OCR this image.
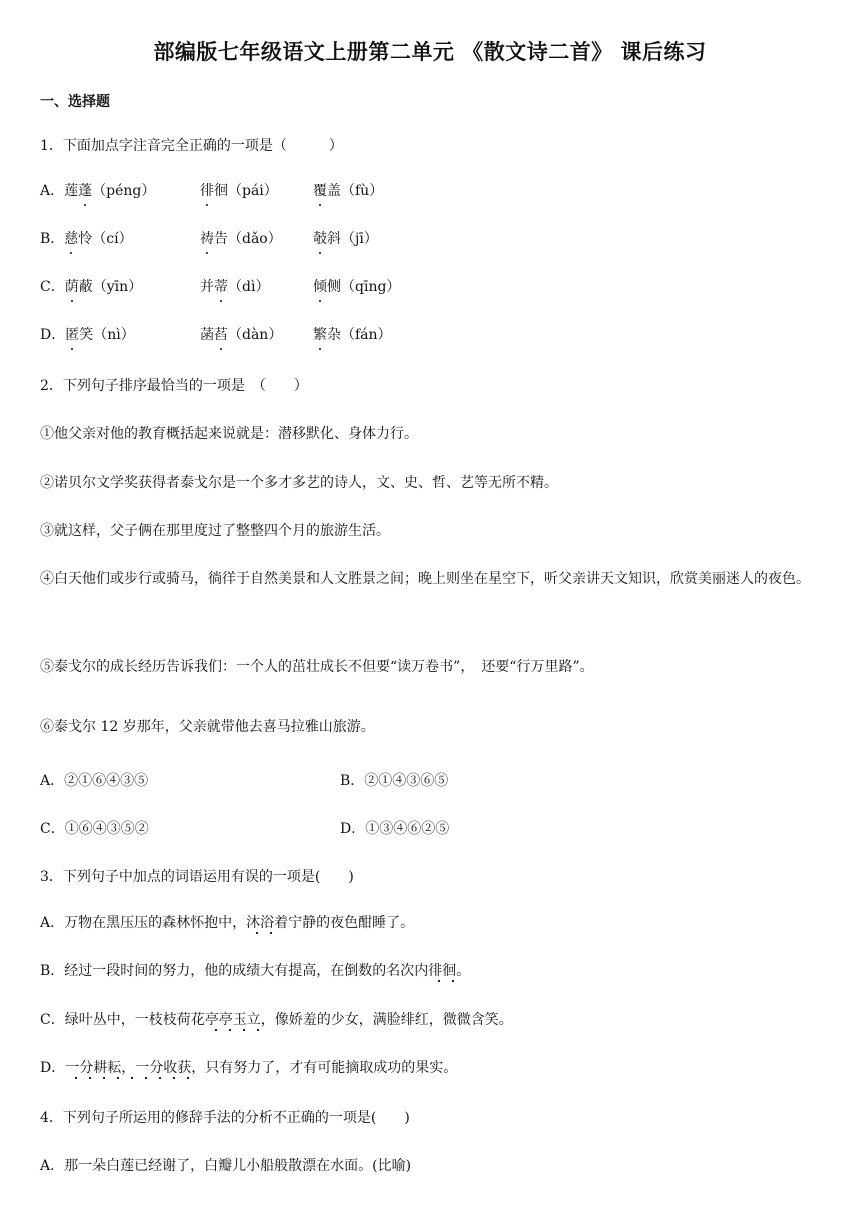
部编版七年级语文上册第二单元 《散文诗二首》 课后练习
一、选择题
1．下面加点字注音完全正确的一项是（　　　）
A．莲蓬（péng）	徘徊（pái）	覆盖（fù）
B．慈怜（cí）	祷告（dǎo） 攲斜（jī）
C．荫蔽（yīn）	并蒂（dì）	倾侧（qīng）
D．匿笑（nì）	菡萏（dàn） 繁杂（fán）
2．下列句子排序最恰当的一项是　（　　）
①他父亲对他的教育概括起来说就是：潜移默化、身体力行。
②诺贝尔文学奖获得者泰戈尔是一个多才多艺的诗人，文、史、哲、艺等无所不精。
③就这样，父子俩在那里度过了整整四个月的旅游生活。
④白天他们或步行或骑马，徜徉于自然美景和人文胜景之间；晚上则坐在星空下，听父亲讲天文知识，欣赏美丽迷人的夜色。
⑤泰戈尔的成长经历告诉我们：一个人的茁壮成长不但要“读万卷书”，　还要“行万里路”。
⑥泰戈尔 12 岁那年，父亲就带他去喜马拉雅山旅游。
A．②①⑥④③⑤	B．②①④③⑥⑤
C．①⑥④③⑤②	D．①③④⑥②⑤
3．下列句子中加点的词语运用有误的一项是(　　)
A．万物在黑压压的森林怀抱中，沐浴着宁静的夜色酣睡了。
B．经过一段时间的努力，他的成绩大有提高，在倒数的名次内徘徊。
C．绿叶丛中，一枝枝荷花亭亭玉立，像娇羞的少女，满脸绯红，微微含笑。
D．一分耕耘，一分收获，只有努力了，才有可能摘取成功的果实。
4．下列句子所运用的修辞手法的分析不正确的一项是(　　)
A．那一朵白莲已经谢了，白瓣儿小船般散漂在水面。(比喻)
